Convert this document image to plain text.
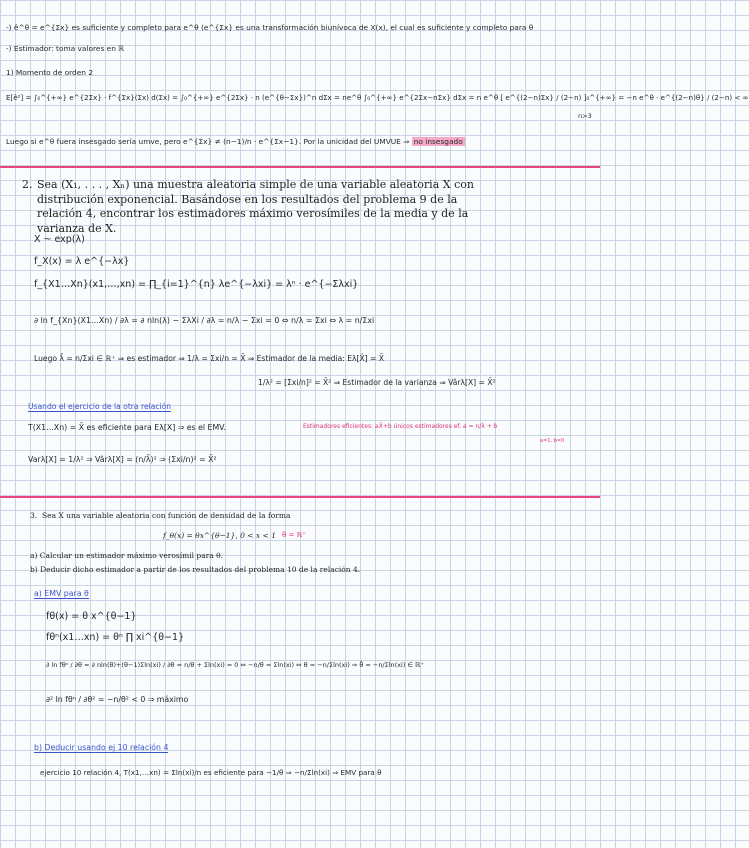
-) ê^θ = e^{Σx} es suficiente y completo para e^θ (e^{Σx} es una transformación biunívoca de X(x), el cual es suficiente y completo para θ
-) Estimador: toma valores en ℝ
1) Momento de orden 2
E[ê²] = ∫₀^{+∞} e^{2Σx} · f^{Σx}(Σx) d(Σx) = ∫₀^{+∞} e^{2Σx} · n (e^{θ−Σx})^n dΣx = ne^θ ∫₀^{+∞} e^{2Σx−nΣx} dΣx = n e^θ [ e^{(2−n)Σx} / (2−n) ]₀^{+∞} = −n e^θ · e^{(2−n)θ} / (2−n) < ∞
n>3
Luego si e^θ fuera insesgado sería umve, pero e^{Σx} ≠ (n−1)/n · e^{Σx−1}. Por la unicidad del UMVUE ⇒ no insesgado
2. Sea (X₁, . . . , Xₙ) una muestra aleatoria simple de una variable aleatoria X con distribución exponencial. Basándose en los resultados del problema 9 de la relación 4, encontrar los estimadores máximo verosímiles de la media y de la varianza de X.
X ~ exp(λ)
f_X(x) = λ e^{−λx}
f_{X1…Xn}(x1,…,xn) = ∏_{i=1}^{n} λe^{−λxi} = λⁿ · e^{−Σλxi}
∂ ln f_{Xn}(X1…Xn) / ∂λ = ∂ nln(λ) − ΣλXi / ∂λ = n/λ − Σxi = 0 ⇔ n/λ = Σxi ⇔ λ = n/Σxi
Luego λ̂ = n/Σxi ∈ ℝ⁺ ⇒ es estimador ⇒ 1/λ = Σxi/n = X̄ ⇒ Estimador de la media: Eλ[X̂] = X̄
1/λ² = [Σxi/n]² = X̄² ⇒ Estimador de la varianza ⇒ Vârλ[X] = X̄²
Usando el ejercicio de la otra relación
T(X1…Xn) = X̄ es eficiente para Eλ[X] ⇒ es el EMV.	Estimadores eficientes: aX̄+b únicos estimadores ef. a = n/λ + b
a=1, b=0
Varλ[X] = 1/λ² ⇒ Vârλ[X] = (n/λ̂)² ⇒ (Σxi/n)² = X̄²
3. Sea X una variable aleatoria con función de densidad de la forma
f_θ(x) = θx^{θ−1}, 0 < x < 1 θ = ℝ⁺
a) Calcular un estimador máximo verosímil para θ.
b) Deducir dicho estimador a partir de los resultados del problema 10 de la relación 4.
a) EMV para θ
fθ(x) = θ x^{θ−1}
fθⁿ(x1…xn) = θⁿ ∏ xi^{θ−1}
∂ ln fθⁿ / ∂θ = ∂ nln(θ)+(θ−1)Σln(xi) / ∂θ = n/θ + Σln(xi) = 0 ⇔ −n/θ = Σln(xi) ⇔ θ = −n/Σln(xi) ⇒ θ̂ = −n/Σln(xi) ∈ ℝ⁺
∂² ln fθⁿ / ∂θ² = −n/θ² < 0 ⇒ máximo
b) Deducir usando ej 10 relación 4
ejercicio 10 relación 4, T(x1,…xn) = Σln(xi)/n es eficiente para −1/θ ⇒ −n/Σln(xi) ⇒ EMV para θ
